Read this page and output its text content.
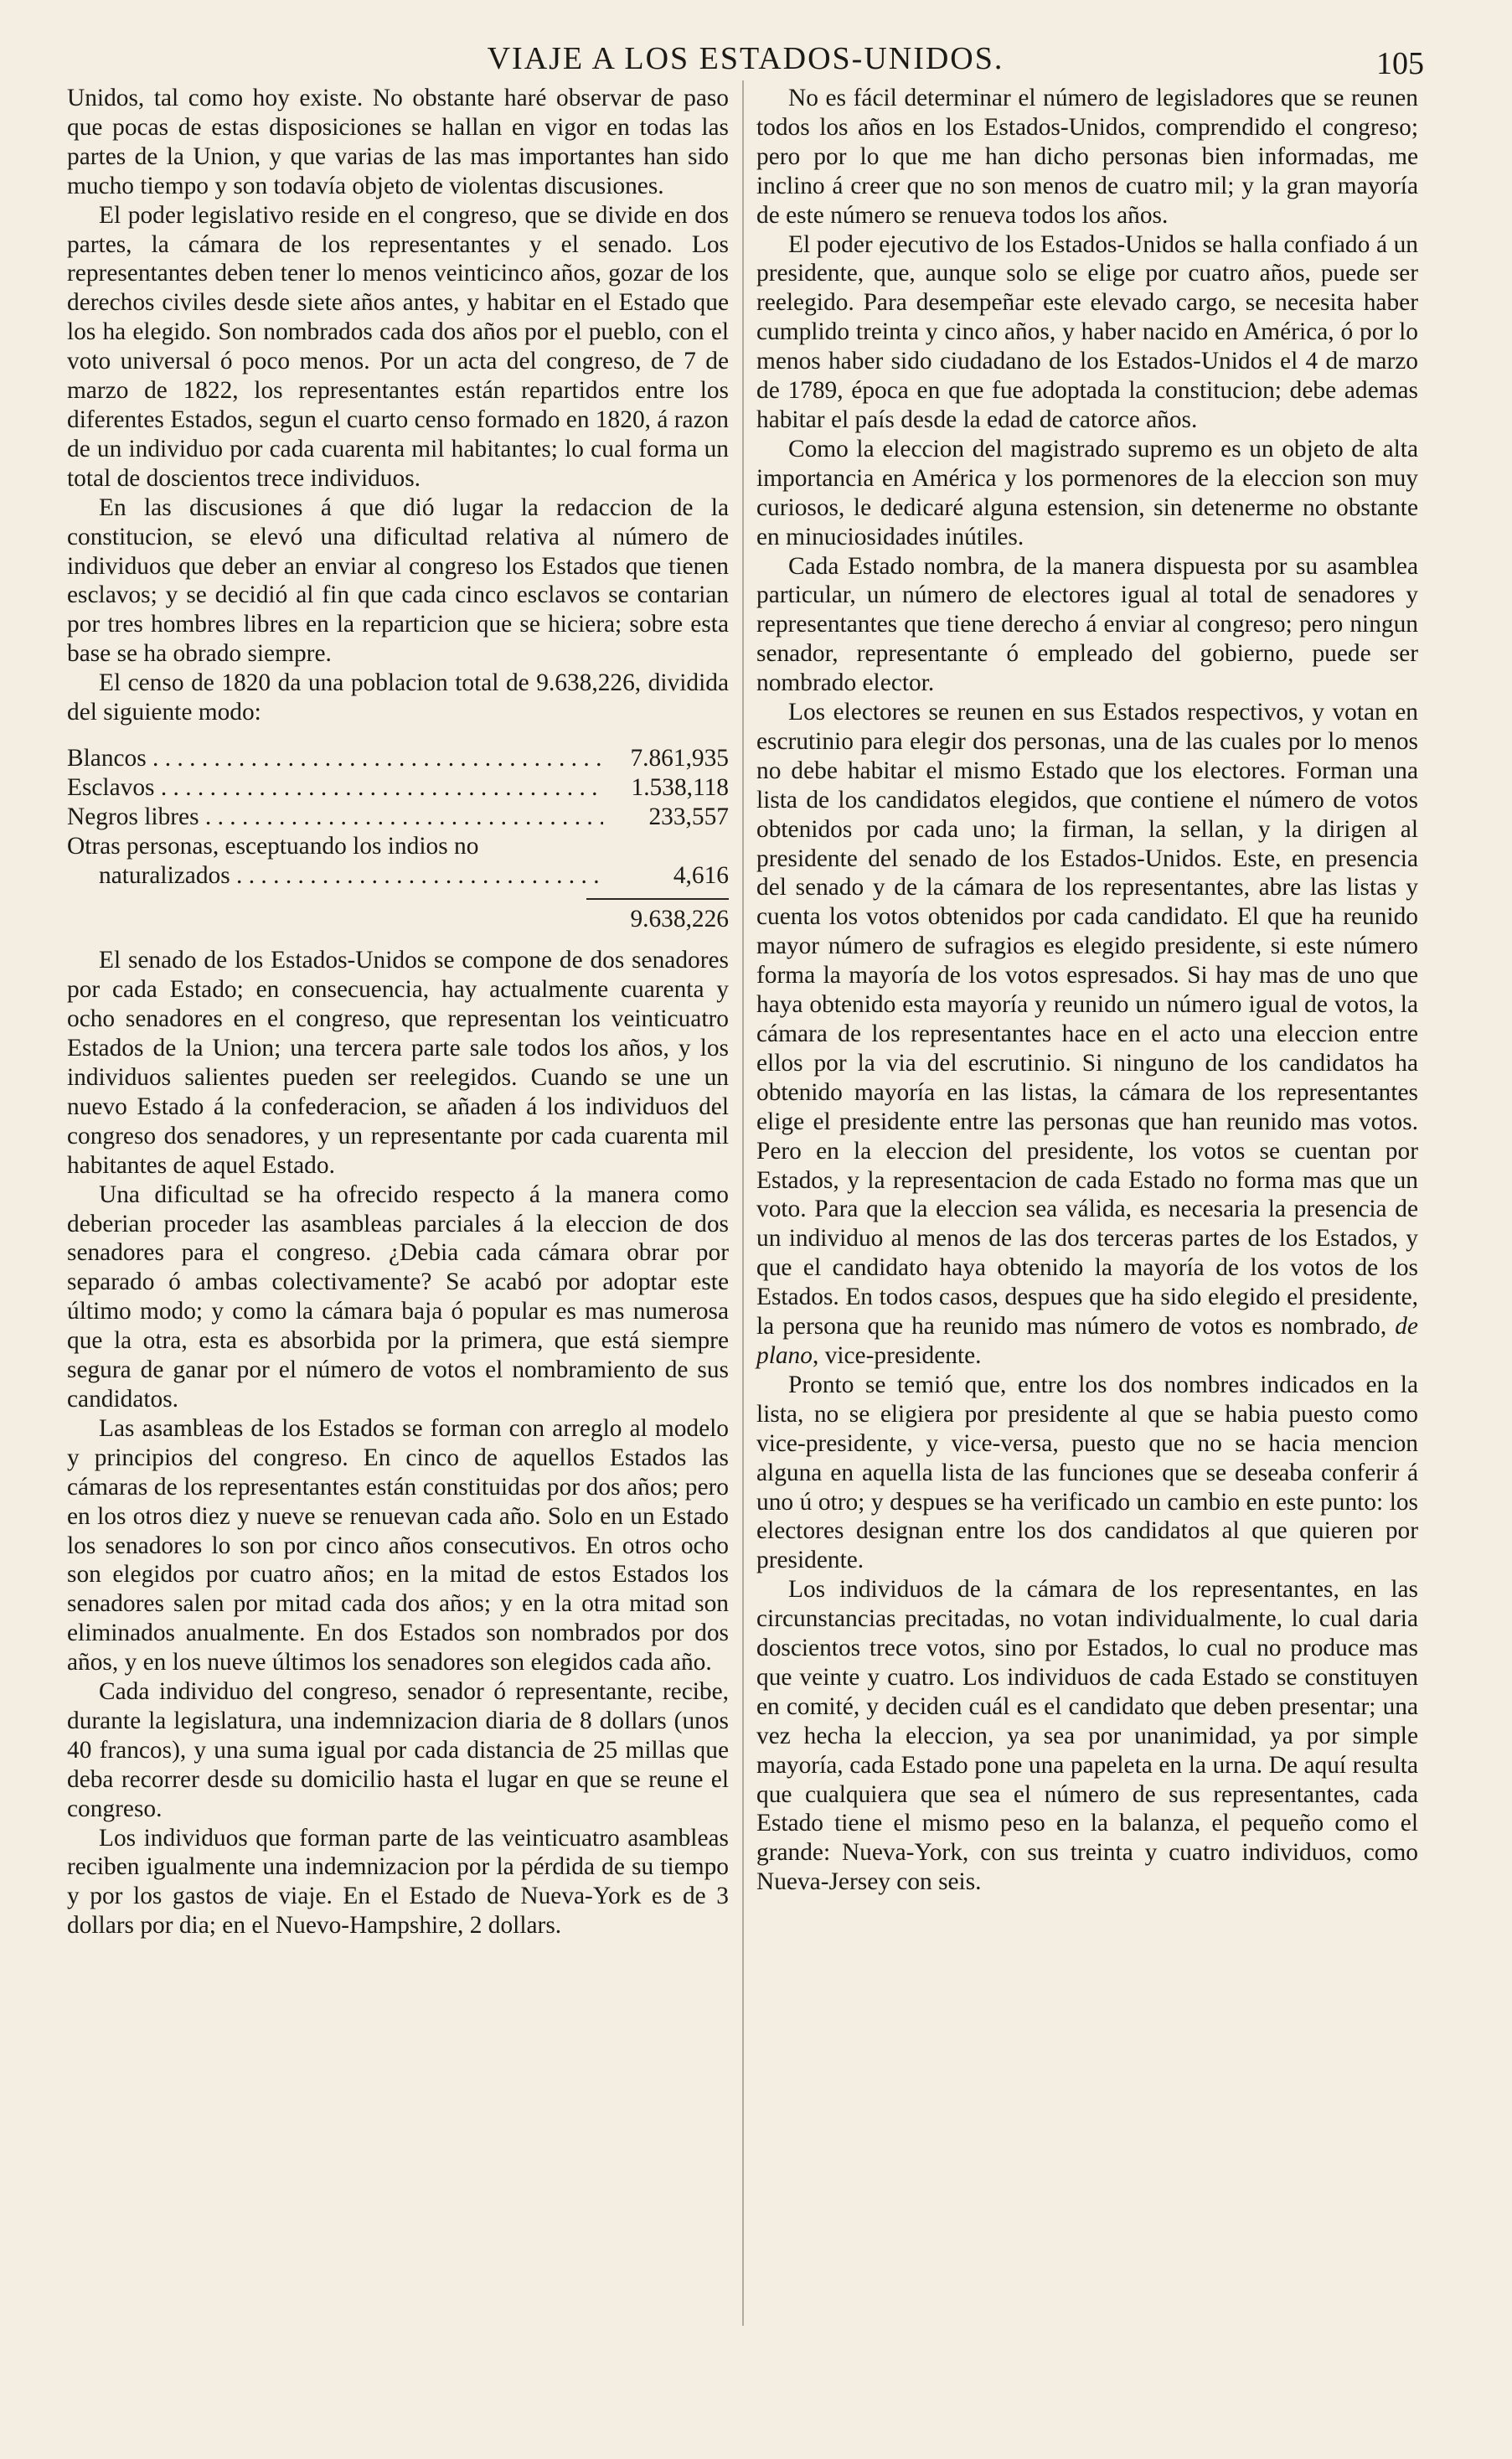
VIAJE A LOS ESTADOS-UNIDOS.	105

Unidos, tal como hoy existe. No obstante haré observar de paso que pocas de estas disposiciones se hallan en vigor en todas las partes de la Union, y que varias de las mas importantes han sido mucho tiempo y son todavía objeto de violentas discusiones.

El poder legislativo reside en el congreso, que se divide en dos partes, la cámara de los representantes y el senado. Los representantes deben tener lo menos veinticinco años, gozar de los derechos civiles desde siete años antes, y habitar en el Estado que los ha elegido. Son nombrados cada dos años por el pueblo, con el voto universal ó poco menos. Por un acta del congreso, de 7 de marzo de 1822, los representantes están repartidos entre los diferentes Estados, segun el cuarto censo formado en 1820, á razon de un individuo por cada cuarenta mil habitantes; lo cual forma un total de doscientos trece individuos.

En las discusiones á que dió lugar la redaccion de la constitucion, se elevó una dificultad relativa al número de individuos que deber an enviar al congreso los Estados que tienen esclavos; y se decidió al fin que cada cinco esclavos se contarian por tres hombres libres en la reparticion que se hiciera; sobre esta base se ha obrado siempre.

El censo de 1820 da una poblacion total de 9.638,226, dividida del siguiente modo:

Blancos . . .	7.861,935
Esclavos . . .	1.538,118
Negros libres . . .	233,557
Otras personas, esceptuando los indios no
naturalizados . . .	4,616
9.638,226

El senado de los Estados-Unidos se compone de dos senadores por cada Estado; en consecuencia, hay actualmente cuarenta y ocho senadores en el congreso, que representan los veinticuatro Estados de la Union; una tercera parte sale todos los años, y los individuos salientes pueden ser reelegidos. Cuando se une un nuevo Estado á la confederacion, se añaden á los individuos del congreso dos senadores, y un representante por cada cuarenta mil habitantes de aquel Estado.

Una dificultad se ha ofrecido respecto á la manera como deberian proceder las asambleas parciales á la eleccion de dos senadores para el congreso. ¿Debia cada cámara obrar por separado ó ambas colectivamente? Se acabó por adoptar este último modo; y como la cámara baja ó popular es mas numerosa que la otra, esta es absorbida por la primera, que está siempre segura de ganar por el número de votos el nombramiento de sus candidatos.

Las asambleas de los Estados se forman con arreglo al modelo y principios del congreso. En cinco de aquellos Estados las cámaras de los representantes están constituidas por dos años; pero en los otros diez y nueve se renuevan cada año. Solo en un Estado los senadores lo son por cinco años consecutivos. En otros ocho son elegidos por cuatro años; en la mitad de estos Estados los senadores salen por mitad cada dos años; y en la otra mitad son eliminados anualmente. En dos Estados son nombrados por dos años, y en los nueve últimos los senadores son elegidos cada año.

Cada individuo del congreso, senador ó representante, recibe, durante la legislatura, una indemnizacion diaria de 8 dollars (unos 40 francos), y una suma igual por cada distancia de 25 millas que deba recorrer desde su domicilio hasta el lugar en que se reune el congreso.

Los individuos que forman parte de las veinticuatro asambleas reciben igualmente una indemnizacion por la pérdida de su tiempo y por los gastos de viaje. En el Estado de Nueva-York es de 3 dollars por dia; en el Nuevo-Hampshire, 2 dollars.

No es fácil determinar el número de legisladores que se reunen todos los años en los Estados-Unidos, comprendido el congreso; pero por lo que me han dicho personas bien informadas, me inclino á creer que no son menos de cuatro mil; y la gran mayoría de este número se renueva todos los años.

El poder ejecutivo de los Estados-Unidos se halla confiado á un presidente, que, aunque solo se elige por cuatro años, puede ser reelegido. Para desempeñar este elevado cargo, se necesita haber cumplido treinta y cinco años, y haber nacido en América, ó por lo menos haber sido ciudadano de los Estados-Unidos el 4 de marzo de 1789, época en que fue adoptada la constitucion; debe ademas habitar el país desde la edad de catorce años.

Como la eleccion del magistrado supremo es un objeto de alta importancia en América y los pormenores de la eleccion son muy curiosos, le dedicaré alguna estension, sin detenerme no obstante en minuciosidades inútiles.

Cada Estado nombra, de la manera dispuesta por su asamblea particular, un número de electores igual al total de senadores y representantes que tiene derecho á enviar al congreso; pero ningun senador, representante ó empleado del gobierno, puede ser nombrado elector.

Los electores se reunen en sus Estados respectivos, y votan en escrutinio para elegir dos personas, una de las cuales por lo menos no debe habitar el mismo Estado que los electores. Forman una lista de los candidatos elegidos, que contiene el número de votos obtenidos por cada uno; la firman, la sellan, y la dirigen al presidente del senado de los Estados-Unidos. Este, en presencia del senado y de la cámara de los representantes, abre las listas y cuenta los votos obtenidos por cada candidato. El que ha reunido mayor número de sufragios es elegido presidente, si este número forma la mayoría de los votos espresados. Si hay mas de uno que haya obtenido esta mayoría y reunido un número igual de votos, la cámara de los representantes hace en el acto una eleccion entre ellos por la via del escrutinio. Si ninguno de los candidatos ha obtenido mayoría en las listas, la cámara de los representantes elige el presidente entre las personas que han reunido mas votos. Pero en la eleccion del presidente, los votos se cuentan por Estados, y la representacion de cada Estado no forma mas que un voto. Para que la eleccion sea válida, es necesaria la presencia de un individuo al menos de las dos terceras partes de los Estados, y que el candidato haya obtenido la mayoría de los votos de los Estados. En todos casos, despues que ha sido elegido el presidente, la persona que ha reunido mas número de votos es nombrado, de plano, vice-presidente.

Pronto se temió que, entre los dos nombres indicados en la lista, no se eligiera por presidente al que se habia puesto como vice-presidente, y vice-versa, puesto que no se hacia mencion alguna en aquella lista de las funciones que se deseaba conferir á uno ú otro; y despues se ha verificado un cambio en este punto: los electores designan entre los dos candidatos al que quieren por presidente.

Los individuos de la cámara de los representantes, en las circunstancias precitadas, no votan individualmente, lo cual daria doscientos trece votos, sino por Estados, lo cual no produce mas que veinte y cuatro. Los individuos de cada Estado se constituyen en comité, y deciden cuál es el candidato que deben presentar; una vez hecha la eleccion, ya sea por unanimidad, ya por simple mayoría, cada Estado pone una papeleta en la urna. De aquí resulta que cualquiera que sea el número de sus representantes, cada Estado tiene el mismo peso en la balanza, el pequeño como el grande: Nueva-York, con sus treinta y cuatro individuos, como Nueva-Jersey con seis.
